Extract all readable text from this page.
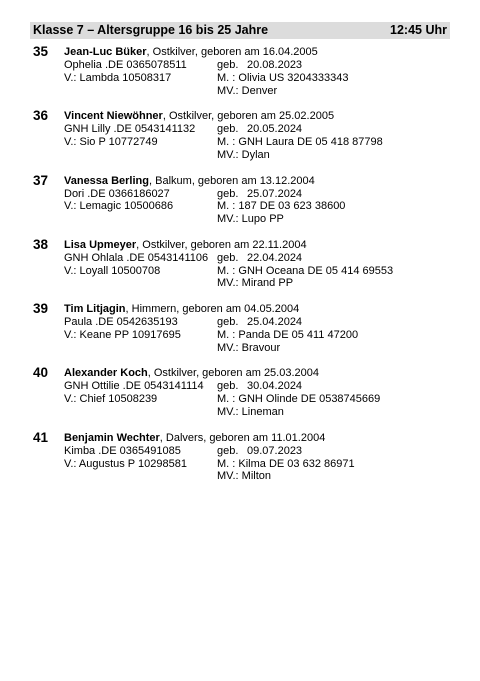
Klasse 7 – Altersgruppe 16 bis 25 Jahre	12:45 Uhr
35 Jean-Luc Büker, Ostkilver, geboren am 16.04.2005
Ophelia .DE 0365078511	geb. 20.08.2023
V.: Lambda 10508317	M. : Olivia US 3204333343
MV.: Denver
36 Vincent Niewöhner, Ostkilver, geboren am 25.02.2005
GNH Lilly .DE 0543141132 geb. 20.05.2024
V.: Sio P 10772749	M. : GNH Laura DE 05 418 87798
MV.: Dylan
37 Vanessa Berling, Balkum, geboren am 13.12.2004
Dori .DE 0366186027	geb. 25.07.2024
V.: Lemagic 10500686	M. : 187 DE 03 623 38600
MV.: Lupo PP
38 Lisa Upmeyer, Ostkilver, geboren am 22.11.2004
GNH Ohlala .DE 0543141106 geb. 22.04.2024
V.: Loyall 10500708	M. : GNH Oceana DE 05 414 69553
MV.: Mirand PP
39 Tim Litjagin, Himmern, geboren am 04.05.2004
Paula .DE 0542635193	geb. 25.04.2024
V.: Keane PP 10917695	M. : Panda DE 05 411 47200
MV.: Bravour
40 Alexander Koch, Ostkilver, geboren am 25.03.2004
GNH Ottilie .DE 0543141114 geb. 30.04.2024
V.: Chief 10508239	M. : GNH Olinde DE 0538745669
MV.: Lineman
41 Benjamin Wechter, Dalvers, geboren am 11.01.2004
Kimba .DE 0365491085	geb. 09.07.2023
V.: Augustus P 10298581	M. : Kilma DE 03 632 86971
MV.: Milton
